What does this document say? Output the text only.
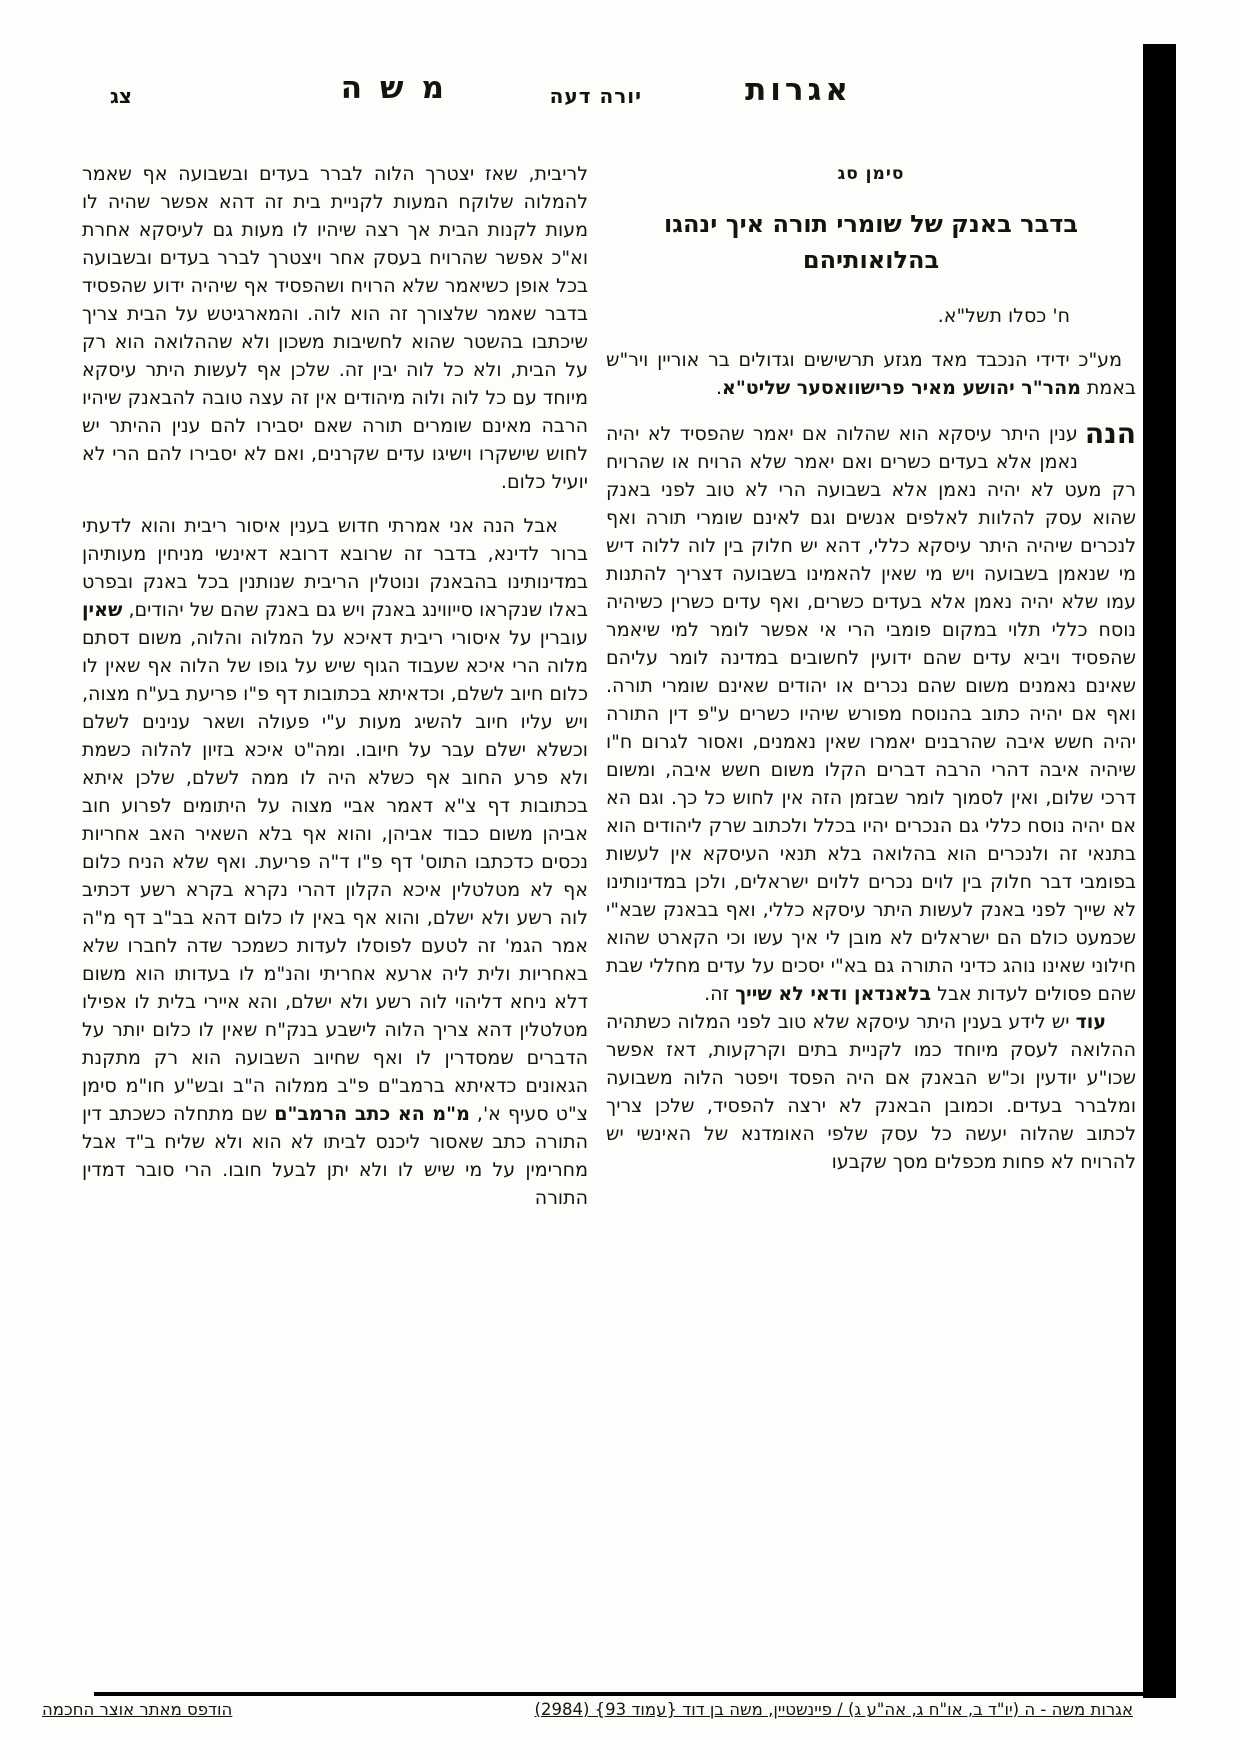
אגרות
יורה דעה
משה
צג

סימן סג

בדבר באנק של שומרי תורה איך ינהגו בהלואותיהם

ח' כסלו תשל"א.

מע"כ ידידי הנכבד מאד מגזע תרשישים וגדולים בר אוריין ויר"ש באמת מהר"ר יהושע מאיר פרישוואסער שליט"א.

הנה
ענין היתר עיסקא הוא שהלוה אם יאמר שהפסיד לא יהיה נאמן אלא בעדים כשרים ואם יאמר שלא הרויח או שהרויח רק מעט לא יהיה נאמן אלא בשבועה הרי לא טוב לפני באנק שהוא עסק להלוות לאלפים אנשים וגם לאינם שומרי תורה ואף לנכרים שיהיה היתר עיסקא כללי, דהא יש חלוק בין לוה ללוה דיש מי שנאמן בשבועה ויש מי שאין להאמינו בשבועה דצריך להתנות עמו שלא יהיה נאמן אלא בעדים כשרים, ואף עדים כשרין כשיהיה נוסח כללי תלוי במקום פומבי הרי אי אפשר לומר למי שיאמר שהפסיד ויביא עדים שהם ידועין לחשובים במדינה לומר עליהם שאינם נאמנים משום שהם נכרים או יהודים שאינם שומרי תורה. ואף אם יהיה כתוב בהנוסח מפורש שיהיו כשרים ע"פ דין התורה יהיה חשש איבה שהרבנים יאמרו שאין נאמנים, ואסור לגרום ח"ו שיהיה איבה דהרי הרבה דברים הקלו משום חשש איבה, ומשום דרכי שלום, ואין לסמוך לומר שבזמן הזה אין לחוש כל כך. וגם הא אם יהיה נוסח כללי גם הנכרים יהיו בכלל ולכתוב שרק ליהודים הוא בתנאי זה ולנכרים הוא בהלואה בלא תנאי העיסקא אין לעשות בפומבי דבר חלוק בין לוים נכרים ללוים ישראלים, ולכן במדינותינו לא שייך לפני באנק לעשות היתר עיסקא כללי, ואף בבאנק שבא"י שכמעט כולם הם ישראלים לא מובן לי איך עשו וכי הקארט שהוא חילוני שאינו נוהג כדיני התורה גם בא"י יסכים על עדים מחללי שבת שהם פסולים לעדות אבל בלאנדאן ודאי לא שייך זה.

עוד יש לידע בענין היתר עיסקא שלא טוב לפני המלוה כשתהיה ההלואה לעסק מיוחד כמו לקניית בתים וקרקעות, דאז אפשר שכו"ע יודעין וכ"ש הבאנק אם היה הפסד ויפטר הלוה משבועה ומלברר בעדים. וכמובן הבאנק לא ירצה להפסיד, שלכן צריך לכתוב שהלוה יעשה כל עסק שלפי האומדנא של האינשי יש להרויח לא פחות מכפלים מסך שקבעו

לריבית, שאז יצטרך הלוה לברר בעדים ובשבועה אף שאמר להמלוה שלוקח המעות לקניית בית זה דהא אפשר שהיה לו מעות לקנות הבית אך רצה שיהיו לו מעות גם לעיסקא אחרת וא"כ אפשר שהרויח בעסק אחר ויצטרך לברר בעדים ובשבועה בכל אופן כשיאמר שלא הרויח ושהפסיד אף שיהיה ידוע שהפסיד בדבר שאמר שלצורך זה הוא לוה. והמארגיטש על הבית צריך שיכתבו בהשטר שהוא לחשיבות משכון ולא שההלואה הוא רק על הבית, ולא כל לוה יבין זה. שלכן אף לעשות היתר עיסקא מיוחד עם כל לוה ולוה מיהודים אין זה עצה טובה להבאנק שיהיו הרבה מאינם שומרים תורה שאם יסבירו להם ענין ההיתר יש לחוש שישקרו וישיגו עדים שקרנים, ואם לא יסבירו להם הרי לא יועיל כלום.

אבל הנה אני אמרתי חדוש בענין איסור ריבית והוא לדעתי ברור לדינא, בדבר זה שרובא דרובא דאינשי מניחין מעותיהן במדינותינו בהבאנק ונוטלין הריבית שנותנין בכל באנק ובפרט באלו שנקראו סייווינג באנק ויש גם באנק שהם של יהודים, שאין עוברין על איסורי ריבית דאיכא על המלוה והלוה, משום דסתם מלוה הרי איכא שעבוד הגוף שיש על גופו של הלוה אף שאין לו כלום חיוב לשלם, וכדאיתא בכתובות דף פ"ו פריעת בע"ח מצוה, ויש עליו חיוב להשיג מעות ע"י פעולה ושאר ענינים לשלם וכשלא ישלם עבר על חיובו. ומה"ט איכא בזיון להלוה כשמת ולא פרע החוב אף כשלא היה לו ממה לשלם, שלכן איתא בכתובות דף צ"א דאמר אביי מצוה על היתומים לפרוע חוב אביהן משום כבוד אביהן, והוא אף בלא השאיר האב אחריות נכסים כדכתבו התוס' דף פ"ו ד"ה פריעת. ואף שלא הניח כלום אף לא מטלטלין איכא הקלון דהרי נקרא בקרא רשע דכתיב לוה רשע ולא ישלם, והוא אף באין לו כלום דהא בב"ב דף מ"ה אמר הגמ' זה לטעם לפוסלו לעדות כשמכר שדה לחברו שלא באחריות ולית ליה ארעא אחריתי והנ"מ לו בעדותו הוא משום דלא ניחא דליהוי לוה רשע ולא ישלם, והא איירי בלית לו אפילו מטלטלין דהא צריך הלוה לישבע בנק"ח שאין לו כלום יותר על הדברים שמסדרין לו ואף שחיוב השבועה הוא רק מתקנת הגאונים כדאיתא ברמב"ם פ"ב ממלוה ה"ב ובש"ע חו"מ סימן צ"ט סעיף א', מ"מ הא כתב הרמב"ם שם מתחלה כשכתב דין התורה כתב שאסור ליכנס לביתו לא הוא ולא שליח ב"ד אבל מחרימין על מי שיש לו ולא יתן לבעל חובו. הרי סובר דמדין התורה

אגרות משה - ה (יו"ד ב, או"ח ג, אה"ע ג) / פיינשטיין, משה בן דוד {עמוד 93} (2984)
הודפס מאתר אוצר החכמה
